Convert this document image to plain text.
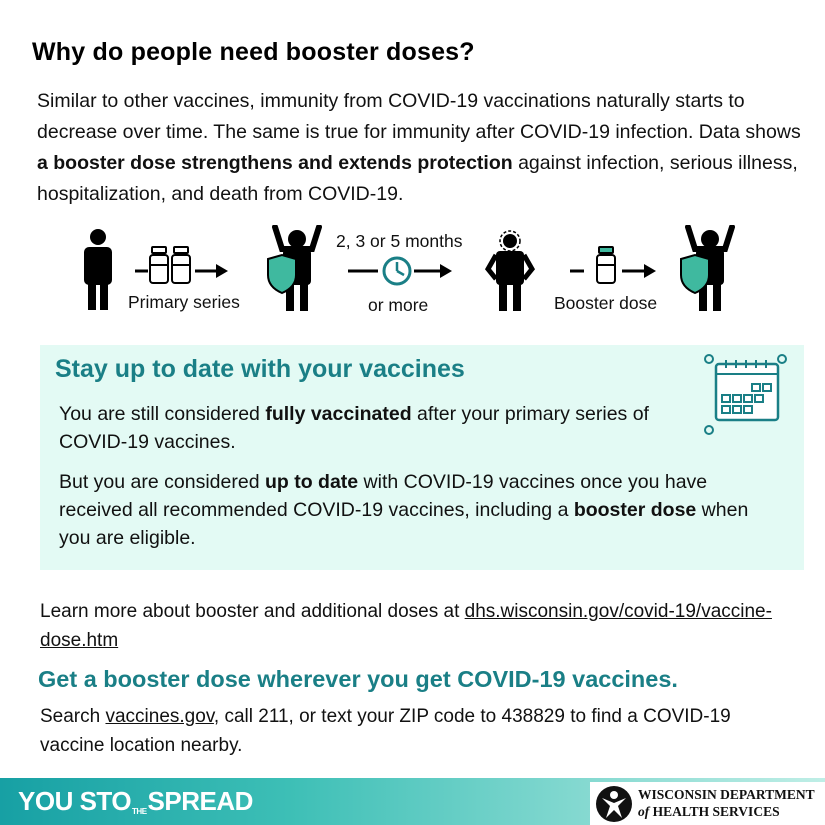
Why do people need booster doses?
Similar to other vaccines, immunity from COVID-19 vaccinations naturally starts to decrease over time. The same is true for immunity after COVID-19 infection. Data shows a booster dose strengthens and extends protection against infection, serious illness, hospitalization, and death from COVID-19.
Primary series
2, 3 or 5 months
or more	Booster dose
Stay up to date with your vaccines
You are still considered fully vaccinated after your primary series of COVID-19 vaccines.
But you are considered up to date with COVID-19 vaccines once you have received all recommended COVID-19 vaccines, including a booster dose when you are eligible.
Learn more about booster and additional doses at dhs.wisconsin.gov/covid-19/vaccine-dose.htm
Get a booster dose wherever you get COVID-19 vaccines.
Search vaccines.gov, call 211, or text your ZIP code to 438829 to find a COVID-19 vaccine location nearby.
YOU STOTHESPREAD	WISCONSIN DEPARTMENT
of HEALTH SERVICES
